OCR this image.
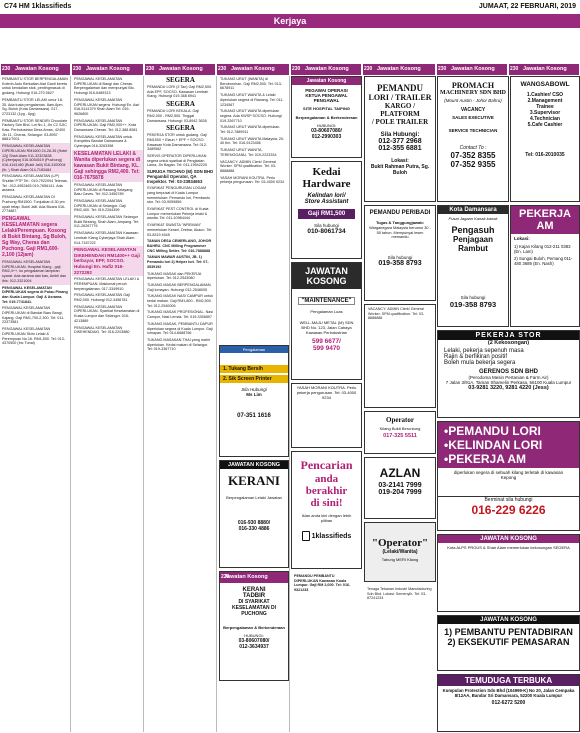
C74 HM 1klassifieds	JUMAAT, 22 FEBRUARI, 2019
Kerjaya
230 Jawatan Kosong	230 Jawatan Kosong	230 Jawatan Kosong	230 Jawatan Kosong	230 Jawatan Kosong	230 Jawatan Kosong	230 Jawatan Kosong	230 Jawatan Kosong
PEMBANTU STOR BERPENGALAMAN Koferin Auto Berkaitan Alat Ganti kereta untuk kendalian stok, pentingmasuk di gudang. Hubungi 016-270 5627
PEMBANTU STOR LELAKI umur 18-35. Ada tuala pengalaman. 8am-6pm. Sg. Buloh (Kota Damansara). 017-2723132 (1pg - 6pg)
PEMBANTU STOR SENDIRI Chocolate Factory Sdn Bhd. Lot No 1, Jln C2 SJIC Kaw. Perindustrian Desa Aman, 42400 Jln 11, Cheras, Selangor. 03-8957 8881/7001.
PENGAWAL KESELAMATAN DIPERLUKAN RM1600 24-28-35 (Hotel 12j) Shah Alam 011-32323838 (Cyberjaya) 016-6054519 (Puchong) 016-4161460 (Bukit Jalil) 016-3100004 (Ib, ) Shah Alam 014-7183484
PENGAWAL KESELAMATAN (L/P) Shuttle/ PTP Tel : 019-7922094 Telenas, Tel : 012-4952465 019-7656141. Ada asrama.
PENGAWAL KESELAMATAN DI Puchong RM1500. Tunjukkan 8.30 pm upah tetap: Bukit Jalil. Ada Bicara 016-2774887.
PENGAWAL KESELAMATAN segera Lelaki/Perempuan. Kosong di Bukit Bintang, Sg Buloh, Sg Way, Cheras dan Puchong. Gaji RM1,600-2,100 (12jam)
PENGAWAL KESELAMATAN DIPERLUKAN, Hospital Klang - gaji RM2,4++, ko pengalaman lampiran syarat. Ada asrama dan bas, Ambil dan Ibis. 012-3321004
PENGAWAL KESELAMATAN DIPERLUKAN segera di Pulau Pinang dan Kuala Lumpur. Gaji & Asrama. Tel: 019-7741841.
PENGAWAL KESELAMATAN DIPERLUKAN di Bandar Baru Bangi, Kajang. Gaji RM1,700-2,300. Tel: 011-23373581
PENGAWAL KESELAMATAN DIPERLUKAN Skim Lelaki & Perempuan No.16. RM1,500. Tel: 013-4370500 (Inc Tunai)
PENGAWAL KESELAMATAN DIPERLUKAN di Bangi dan Cheras. Berpengalaman dan mempunyai Bio. Hubungi 016-6489313
PENGAWAL KESELAMATAN DIPERLUKAN segera. Hubungi En. Asri 016-5141379 Shah Alam Tel: 019-9626800
PENGAWAL KESELAMATAN DIPERLUKAN. Gaji RM2,000++. Kota Damansara Cheras. Tel: 012-388 8581
PENGAWAL KESELAMATAN untuk Kompleks Bandar Damansara & Cyberjaya 016-3263398
KESELAMATAN LELAKI & Wanita diperlukan segera di kawasan Bukit Bintang, KL. Gaji sehingga RM2,400. Tel: 016-7675878
PENGAWAL KESELAMATAN DIPERLUKAN di Rawang Selayang Batu Caves. Tel: 012-3456789
PENGAWAL KESELAMATAN DIPERLUKAN di Selangor. Gaji RM2,400. Tel: 019-2264399
PENGAWAL KESELAMATAN Selangor Bukit Bintang, Shah Alam, Ampang. Tel: 011-26267776
PENGAWAL KESELAMATAN Kawasan Lembah Klang Cyberjaya Shah Alam. 014-7187222
PENGAWAL KESELAMATAN DIKEHENDAKI RM1400++ Gaji berbayar, EPF, SOCSO. Hubungi En. Hafiz 016-2272292
PENGAWAL KESELAMATAN LELAKI & PEREMPUAN. Maklumat penuh berpengalaman. 017-3349910
PENGAWAL KESELAMATAN Gaji RM2,000. Hubungi 012-3456781
PENGAWAL KESELAMATAN DIPERLUKAN. Syarikat Keselamatan di Kuala Lumpur dan Selangor. 016-4213889
PENGAWAL KESELAMATAN DIKEHENDAKI. Tel: 016-2203880
SEGERA
PEMANDU LORI (3 Tan) Gaji RM2,500. Ada EPF, SOCSO. Kawasan Lembah Klang. Hubungi 019-368 8941
SEGERA
PEMANDU LORI KEKALA. Gaji RM2,000 - RM2,500. Tinggal Damansara. Hubungi: 03-8942 3638
SEGERA
PEKERJA STOR untuk gudang. Gaji RM1500 + Elaun + EPF + SOCSO. Kawasan Kota Damansara. Tel: 012-3489562
SERVIS OPERATOR DIPERLUKAN segera untuk syarikat di Pengkalan Lama, Jln Bagan. Tel: 011-19942225
SURUGA TECHNO (M) SDN BHD Pengambil Operator, QA Inspektor. Tel: 03-23834653
SYARIKAT PENGURUSAN LOGAM yang berpusat di Kuala Lumpur memerlukan: Pemandu lori, Pembantu stor. Tel: 03-9059856
SYARIKAT PEST CONTROL di Kuala Lumpur memerlukan Pekerja lelaki & wanita. Tel: 011-10984444
SYARIKAT SWASTA "WREMAN" memerlukan Kerani, Drebar, Akaun. Tel: 03-8319 4545
TAMAN DESA CEMERLANG, JOHOR BAHRU. CNC Milling Programmer CNC Milling Setter. Tel: 016-7888888
TAMAN MAWAR AUSTIN, JB. 1) Pemandu lori 2) Helper lori. Tel: 07-3539192
TUKANG MASAK dan PEKERJA diperlukan. Tel: 012-2543080
TUKANG MASAK BERPENGALAMAN. Gaji lumayan. Hubungi 012-2548005
TUKANG MASAK NASI CAMPUR untuk kedai makan. Gaji RM1,800 - RM2,500. Tel: 012-2540006
TUKANG MASAK PROFESIONAL. Nasi Campur, Nasi Lemak. Tel: 019-3356897
TUKANG MASAK, PEMBANTU DAPUR diperlukan segera di Kuala Lumpur. Gaji lumayan. Tel: 014-6688766
TUKANG MASAKAN THAI yang mahir diperlukan. Kedai makan di Selangor. Tel: 019-3367710
TUKANG URUT (WANITA) di Beroborohan. Gaji RM2,500. Tel: 013-6678911
TUKANG URUT WANITA & Lelaki diperlukan segera di Rawang. Tel: 011-1234567
TUKANG URUT WANITA diperlukan segera. Ada KWSP SOCSO. Hubungi 019-3367710
TUKANG URUT WANITA diperlukan. Tel: 012-7889911
TUKANG URUT WANITA Malaysia, 20-40 thn. Tel: 016-9123456
TUKANG URUT WANITA, TERENGGANU. Tel: 019-2223334
VACANCY: ADMIN Clerk/ General Worker. SPM qualification. Tel: 03-8888888
YASAH MORANI KOUTRA. Perlu pekerja pengurusan. Tel: 03-4000 9234
Pengalaman
1. Tukang Bersih
2. Sik Screen Printer
Sila Hubungi
Ms Lim
07-351 1616
JAWATAN KOSONG
KERANI
Berpengalaman Lelaki Jawatan
016-930 8880/
016-330 4886
230 Jawatan Kosong
KERANI
TADBIR
DI SYARIKAT
KESELAMATAN DI
PUCHONG
Berpengalaman & Berkenderaan
HUBUNGI:
03-80607080/
012-3634937
Jawatan Kosong
PEGAWAI OPERASI
KETUA PENGAWAL
PENGAWAL
SITE HOSPITAL TAIPING
Berpengalaman & Berkenderaan
HUBUNGI:
03-80607080/
012-2990303
Kedai
Hardware
Kelindan lori/
Store Assistant
Gaji RM1,500
Sila hubungi
010-8061734
JAWATAN KOSONG
"MAINTENANCE"
Pengalaman Luas
WELL-MAJU METAL (M) SDN BHD No. 123, Jalan Cahaya Kawasan Perindustrian
599 6677/
599 9470
YASAH MORANI KOUTRA. Perlu pekerja pengurusan. Tel: 03-4000 9234
Pencarian
anda
berakhir
di sini!
Iklan anda kini dengan lebih pilihan
1klassifieds
PEMANDU PEMBANTU DIPERLUKAN Kawasan Kuala Lumpur. Gaji RM 2,000. Tel: 016-9321233
PEMANDU
LORI / TRAILER
KARGO / PLATFORM
/ POLE TRAILER
Sila Hubungi:
012-377 2968
012-355 6881
Lokasi:
Bukit Rahman Putra, Sg. Buloh
PEMANDU PERIBADI
Tugas & Tanggungjawab:
Warganegara Malaysia berumur 30 - 55 tahun. Mempunyai lesen memandu
Sila hubungi
019-358 8793
VACANCY: ADMIN Clerk/ General Worker. SPM qualification. Tel: 03-8888888
Operator
Kilang Bukit Beruntung
017-325 5511
AZLAN
03-2141 7999
019-204 7999
"Operator"
(Lelaki/Wanita)
Tabung MERI Kilang
Tenaga Tekanan Industri Manufacturing Sdn Bhd. Lokasi: Semenyih. Tel: 03-87241234
PROMACH
MACHINERY SDN BHD
(Mount Austin - Johor Bahru)
VACANCY
SALES EXECUTIVE
SERVICE TECHNICIAN
Contact To :
07-352 8355
07-352 9355
Kota Damansara
Pusat Jagaan Kanak-kanak
Pengasuh
Penjagaan Rambut
Sila hubungi
019-358 8793
WANGSABOWL
1.Cashier/ CSO
2.Management
Trainee
3.Supervisor
4.Technician
5.Cafe Cashier
Tel: 016-2010035
PEKERJA
AM
Lokasi:
1) Kajan Kilang 012-211 0383 (En. Lam)
2) Sungai Buloh, Pemang 011-480 3689 (En. Nash)
PEKERJA STOR
(2 Kekosongan)
Lelaki, pekerja sepenuh masa
Rajin & berfikiran positif
Boleh mula bekerja segera
GERENOS SDN BHD
(Perodoma Mesin Pertanian & Farm Air)
7 Jalan 3/91A, Taman Shamelin Perkasa, 56100 Kuala Lumpur
03-9281 3220, 9281 4220 (Jess)
•PEMANDU LORI
•KELINDAN LORI
•PEKERJA AM
diperlukan segera di sebuah kilang terletak di kawasan Kepong
Berminat sila hubungi
016-229 6226
JAWATAN KOSONG
Kota ALPS PROUS & Shah Alam memerlukan kekosongan SEGERA
JAWATAN KOSONG
1) PEMBANTU PENTADBIRAN
2) EKSEKUTIF PEMASARAN
TEMUDUGA TERBUKA
Kumpulan Protection Sdn Bhd (104999-K) No 20, Jalan Cempaka 8/12AA, Bandar Sri Damansara, 52200 Kuala Lumpur
012-6272 5200
